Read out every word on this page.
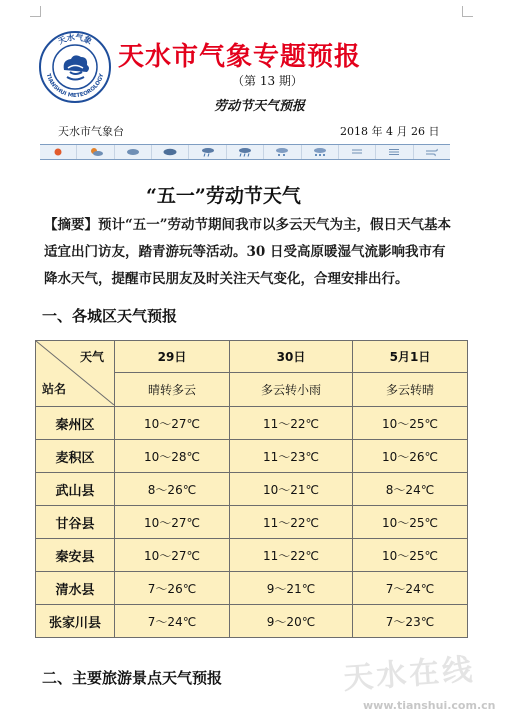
天水气象
TIANSHUI METEOROLOGY
天水市气象专题预报
（第 13 期）
劳动节天气预报
天水市气象台	2018 年 4 月 26 日
“五一”劳动节天气
【摘要】预计“五一”劳动节期间我市以多云天气为主，假日天气基本适宜出门访友，踏青游玩等活动。30 日受高原暖湿气流影响我市有降水天气，提醒市民朋友及时关注天气变化，合理安排出行。
一、各城区天气预报
天气
站名	29日	30日	5月1日
	晴转多云	多云转小雨	多云转晴
秦州区	10～27℃	11～22℃	10～25℃
麦积区	10～28℃	11～23℃	10～26℃
武山县	8～26℃	10～21℃	8～24℃
甘谷县	10～27℃	11～22℃	10～25℃
秦安县	10～27℃	11～22℃	10～25℃
清水县	7～26℃	9～21℃	7～24℃
张家川县	7～24℃	9～20℃	7～23℃
二、主要旅游景点天气预报	天水在线
www.tianshui.com.cn
